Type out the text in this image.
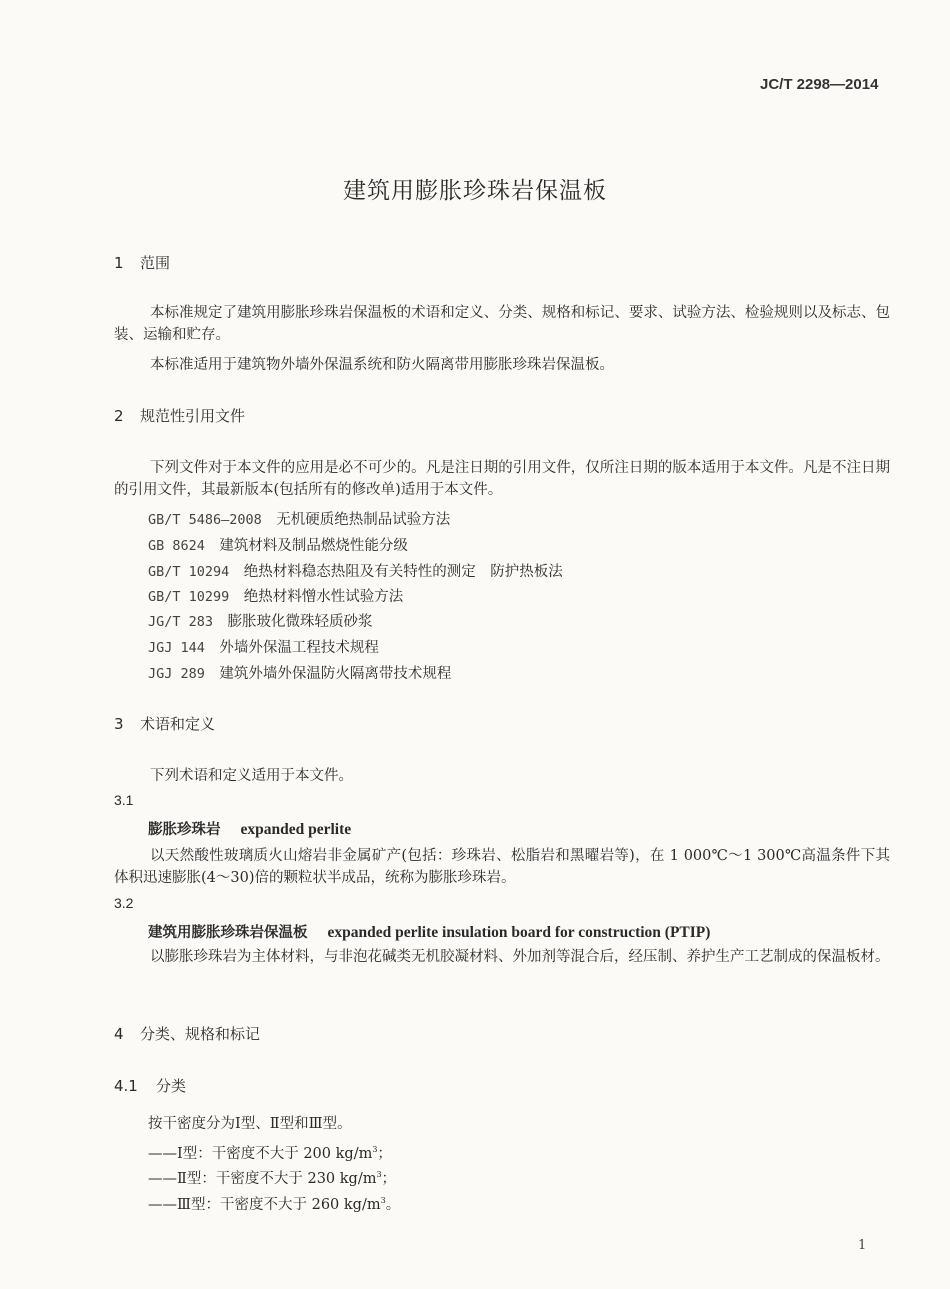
JC/T 2298—2014
建筑用膨胀珍珠岩保温板
1 范围
本标准规定了建筑用膨胀珍珠岩保温板的术语和定义、分类、规格和标记、要求、试验方法、检验规则以及标志、包装、运输和贮存。
本标准适用于建筑物外墙外保温系统和防火隔离带用膨胀珍珠岩保温板。
2 规范性引用文件
下列文件对于本文件的应用是必不可少的。凡是注日期的引用文件，仅所注日期的版本适用于本文件。凡是不注日期的引用文件，其最新版本(包括所有的修改单)适用于本文件。
GB/T 5486—2008　 无机硬质绝热制品试验方法
GB 8624　 建筑材料及制品燃烧性能分级
GB/T 10294　 绝热材料稳态热阻及有关特性的测定　防护热板法
GB/T 10299　 绝热材料憎水性试验方法
JG/T 283　 膨胀玻化微珠轻质砂浆
JGJ 144　 外墙外保温工程技术规程
JGJ 289　 建筑外墙外保温防火隔离带技术规程
3 术语和定义
下列术语和定义适用于本文件。
3.1
膨胀珍珠岩 expanded perlite
以天然酸性玻璃质火山熔岩非金属矿产(包括：珍珠岩、松脂岩和黑曜岩等)，在 1 000℃～1 300℃高温条件下其体积迅速膨胀(4～30)倍的颗粒状半成品，统称为膨胀珍珠岩。
3.2
建筑用膨胀珍珠岩保温板 expanded perlite insulation board for construction (PTIP)
以膨胀珍珠岩为主体材料，与非泡花碱类无机胶凝材料、外加剂等混合后，经压制、养护生产工艺制成的保温板材。
4 分类、规格和标记
4.1 分类
按干密度分为Ⅰ型、Ⅱ型和Ⅲ型。
——Ⅰ型：干密度不大于 200 $kg/m^3$；
——Ⅱ型：干密度不大于 230 $kg/m^3$；
——Ⅲ型：干密度不大于 260 $kg/m^3$。
1
